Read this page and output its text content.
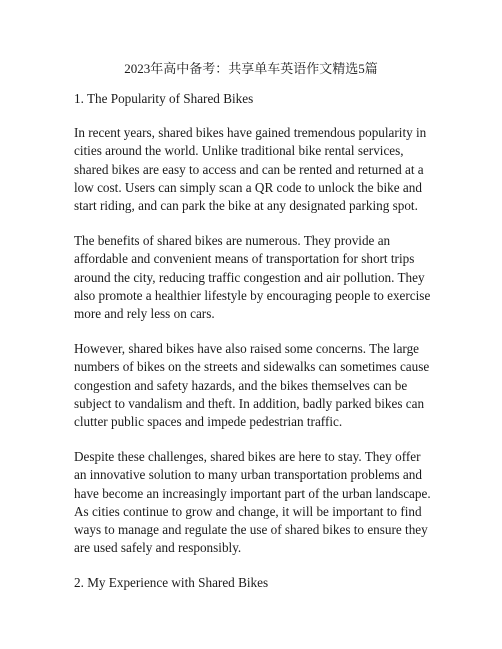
2023年高中备考：共享单车英语作文精选5篇

1. The Popularity of Shared Bikes

In recent years, shared bikes have gained tremendous popularity in cities around the world. Unlike traditional bike rental services, shared bikes are easy to access and can be rented and returned at a low cost. Users can simply scan a QR code to unlock the bike and start riding, and can park the bike at any designated parking spot.

The benefits of shared bikes are numerous. They provide an affordable and convenient means of transportation for short trips around the city, reducing traffic congestion and air pollution. They also promote a healthier lifestyle by encouraging people to exercise more and rely less on cars.

However, shared bikes have also raised some concerns. The large numbers of bikes on the streets and sidewalks can sometimes cause congestion and safety hazards, and the bikes themselves can be subject to vandalism and theft. In addition, badly parked bikes can clutter public spaces and impede pedestrian traffic.

Despite these challenges, shared bikes are here to stay. They offer an innovative solution to many urban transportation problems and have become an increasingly important part of the urban landscape. As cities continue to grow and change, it will be important to find ways to manage and regulate the use of shared bikes to ensure they are used safely and responsibly.

2. My Experience with Shared Bikes
